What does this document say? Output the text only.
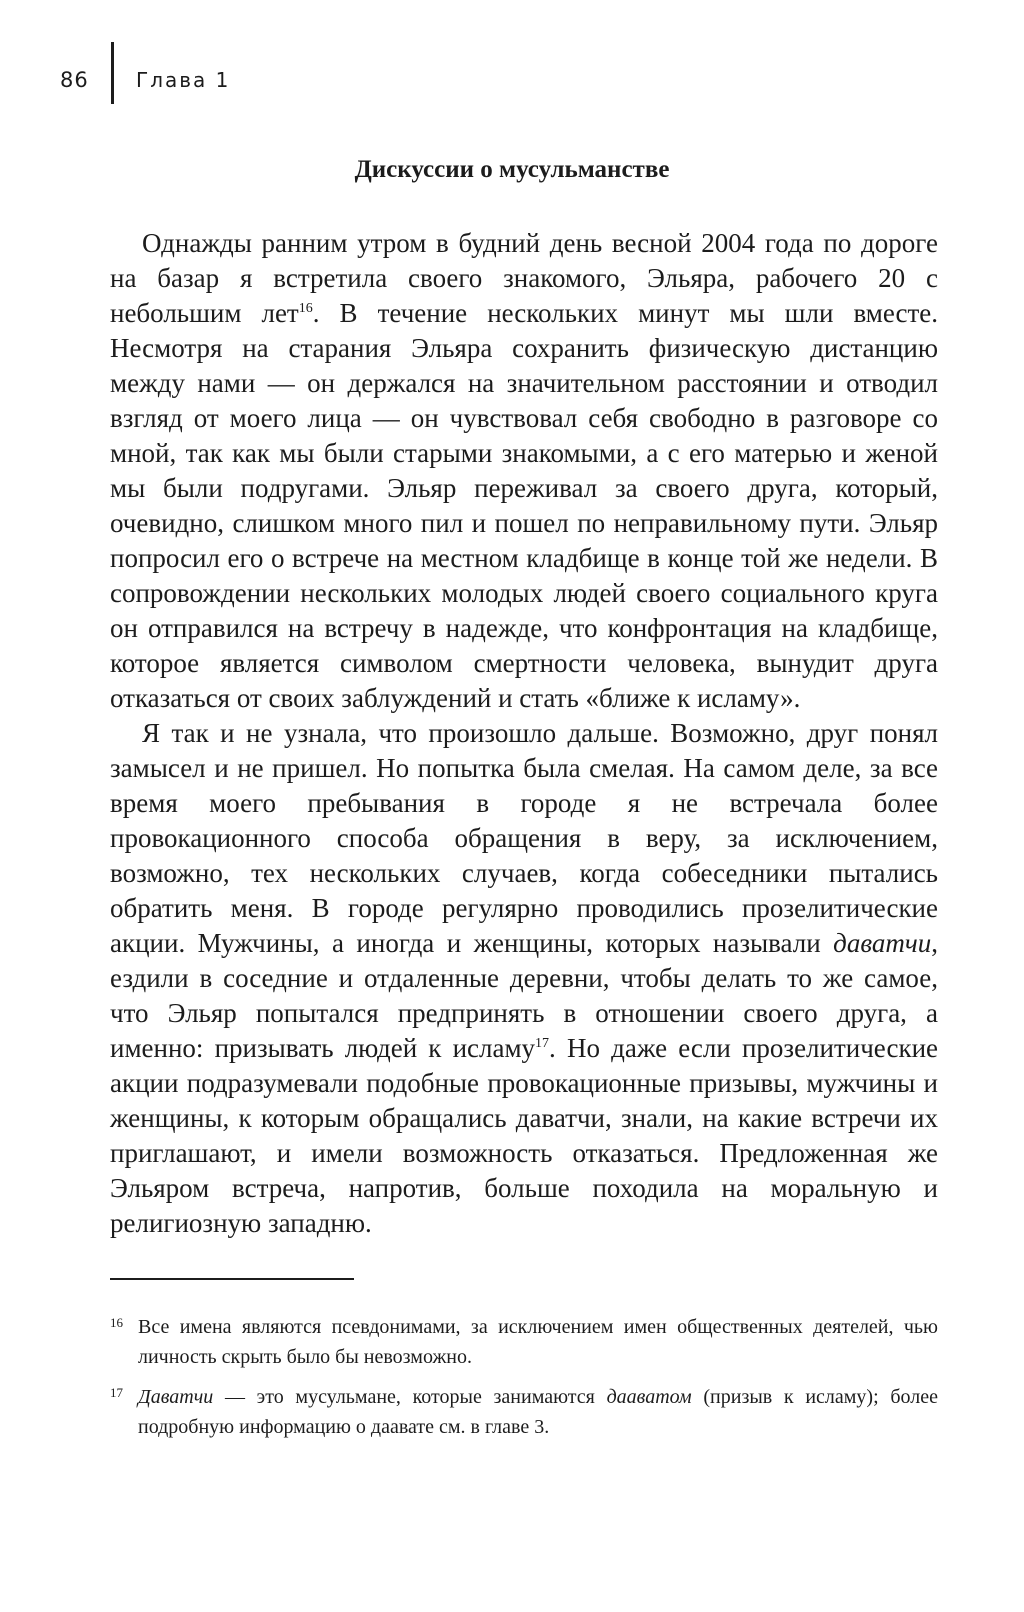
86 Глава 1
Дискуссии о мусульманстве

Однажды ранним утром в будний день весной 2004 года по дороге на базар я встретила своего знакомого, Эльяра, рабочего 20 с небольшим лет$^{16}$. В течение нескольких минут мы шли вместе. Несмотря на старания Эльяра сохранить физическую дистанцию между нами — он держался на значительном расстоянии и отводил взгляд от моего лица — он чувствовал себя свободно в разговоре со мной, так как мы были старыми знакомыми, а с его матерью и женой мы были подругами. Эльяр переживал за своего друга, который, очевидно, слишком много пил и пошел по неправильному пути. Эльяр попросил его о встрече на местном кладбище в конце той же недели. В сопровождении нескольких молодых людей своего социального круга он отправился на встречу в надежде, что конфронтация на кладбище, которое является символом смертности человека, вынудит друга отказаться от своих заблуждений и стать «ближе к исламу».

Я так и не узнала, что произошло дальше. Возможно, друг понял замысел и не пришел. Но попытка была смелая. На самом деле, за все время моего пребывания в городе я не встречала более провокационного способа обращения в веру, за исключением, возможно, тех нескольких случаев, когда собеседники пытались обратить меня. В городе регулярно проводились прозелитические акции. Мужчины, а иногда и женщины, которых называли даватчи, ездили в соседние и отдаленные деревни, чтобы делать то же самое, что Эльяр попытался предпринять в отношении своего друга, а именно: призывать людей к исламу$^{17}$. Но даже если прозелитические акции подразумевали подобные провокационные призывы, мужчины и женщины, к которым обращались даватчи, знали, на какие встречи их приглашают, и имели возможность отказаться. Предложенная же Эльяром встреча, напротив, больше походила на моральную и религиозную западню.

16 Все имена являются псевдонимами, за исключением имен общественных деятелей, чью личность скрыть было бы невозможно.
17 Даватчи — это мусульмане, которые занимаются дааватом (призыв к исламу); более подробную информацию о даавате см. в главе 3.
